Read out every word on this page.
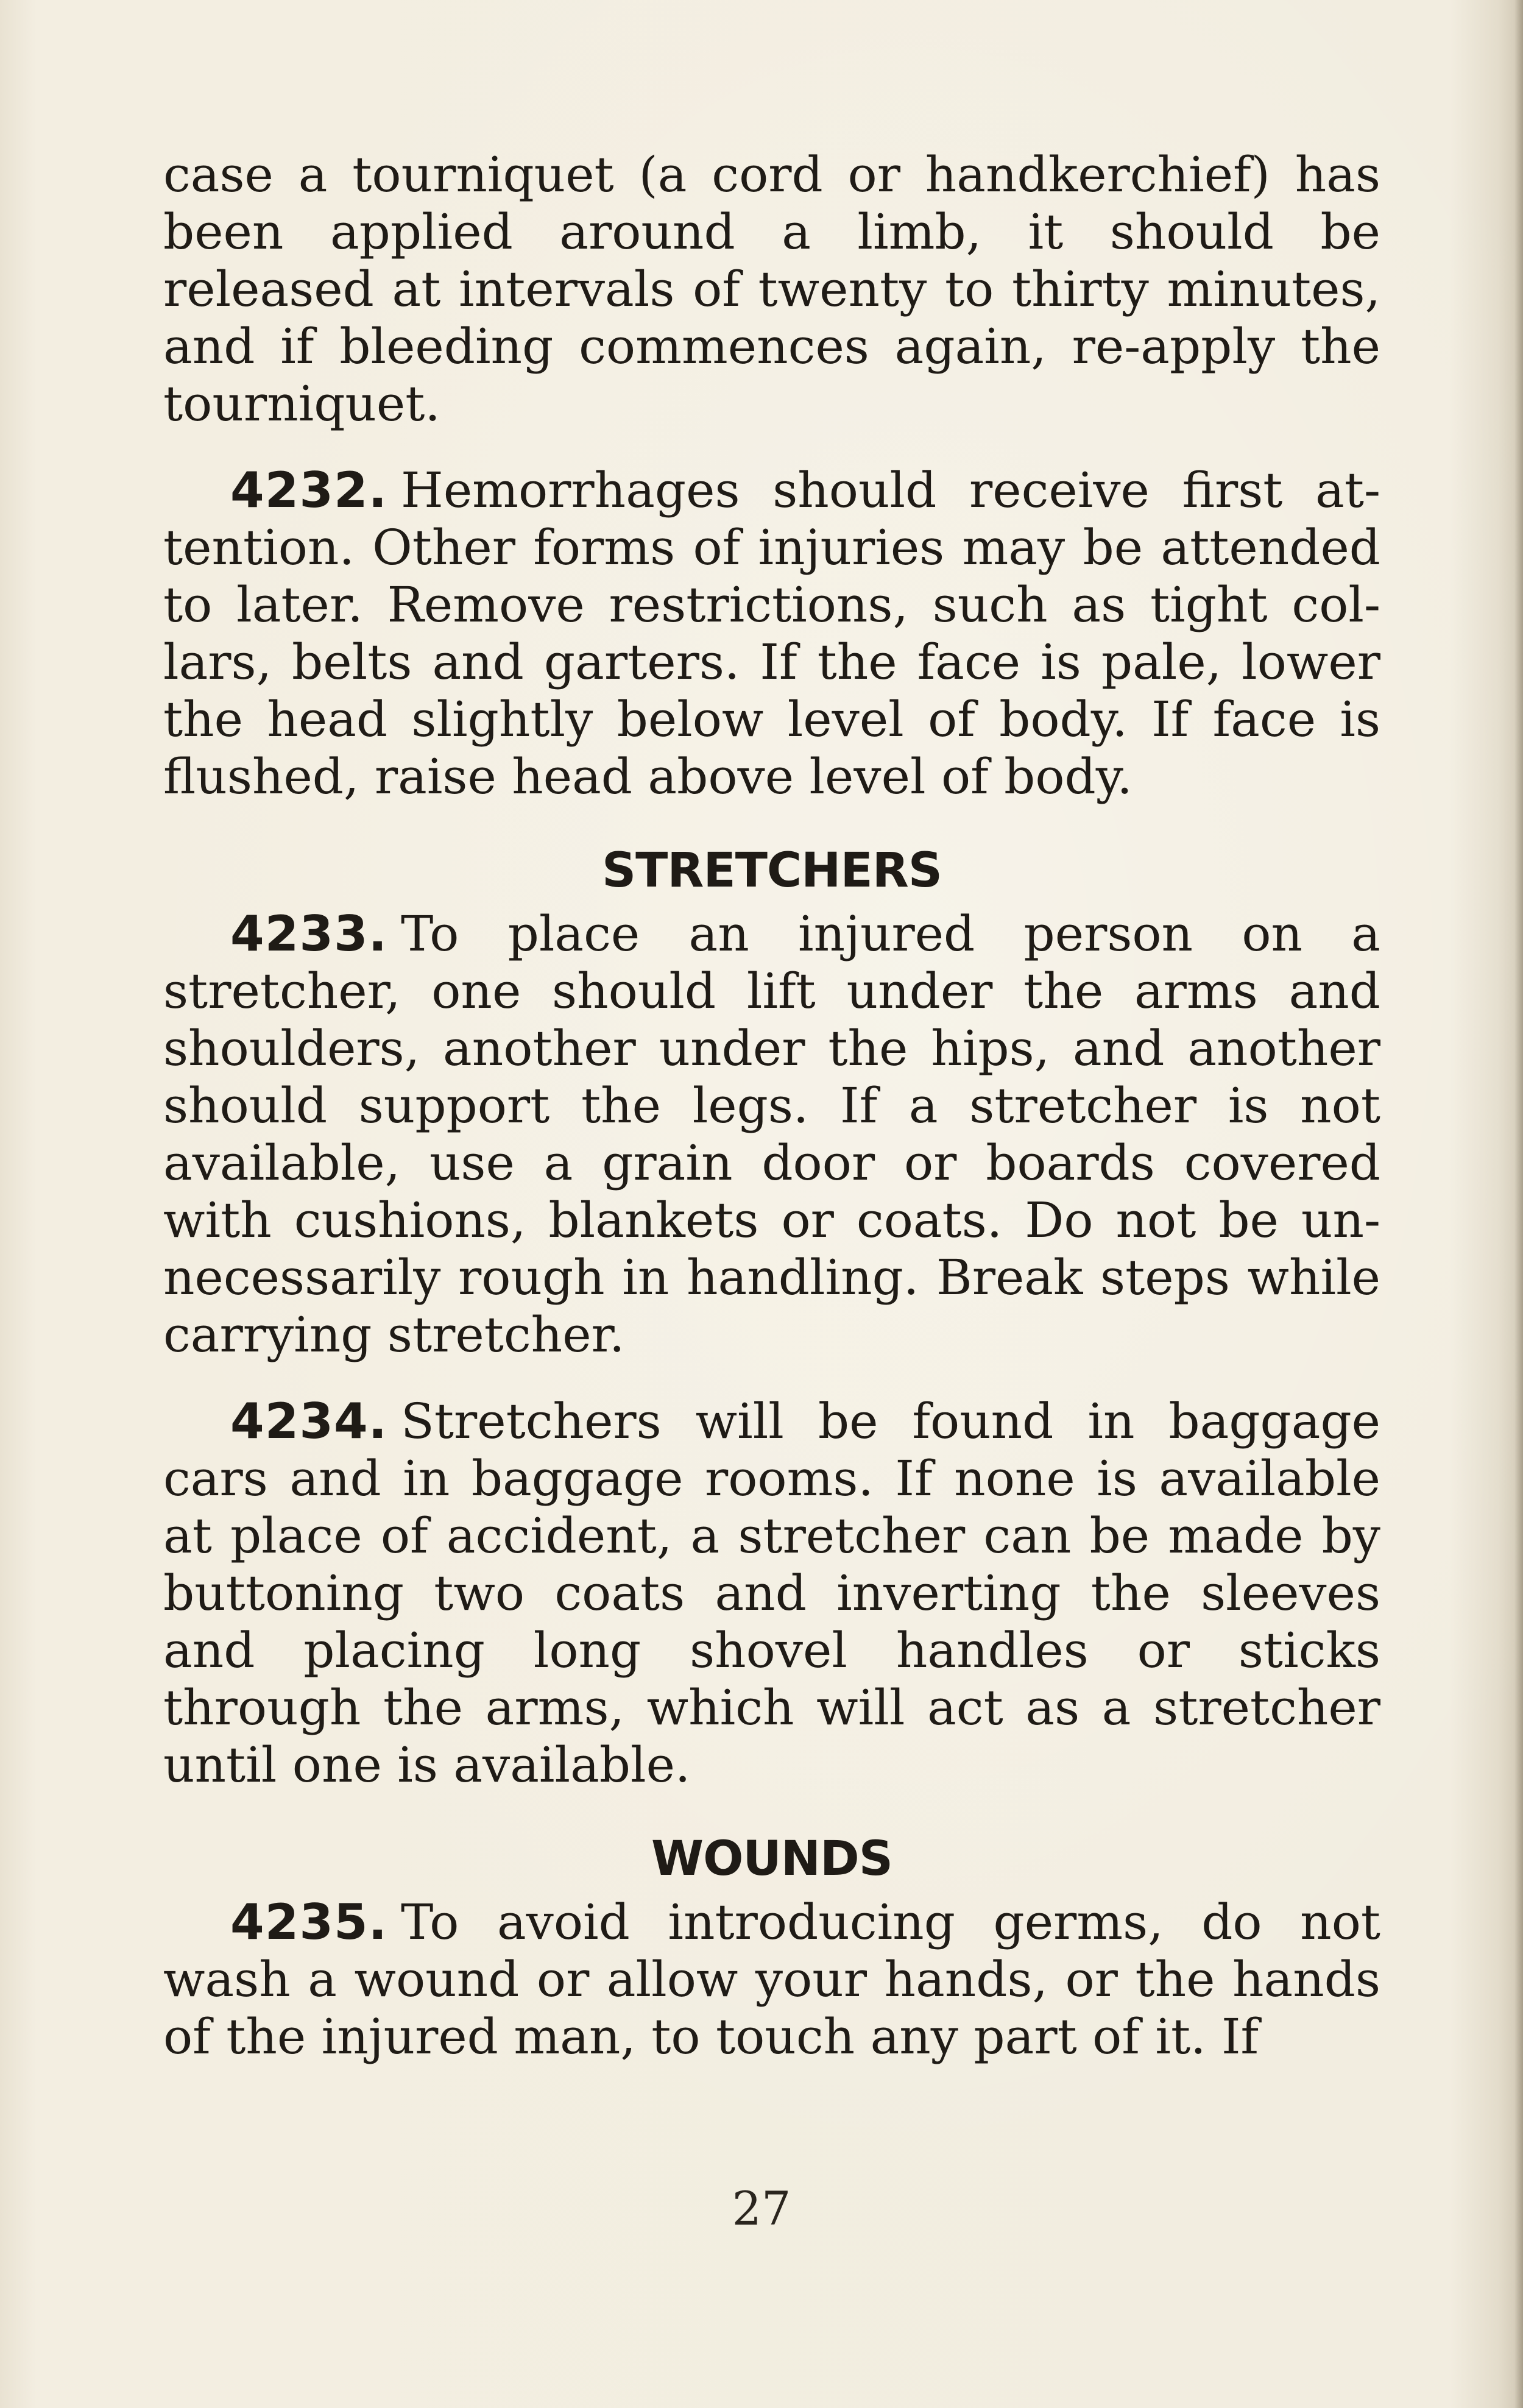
case a tourniquet (a cord or handkerchief) has been applied around a limb, it should be released at intervals of twenty to thirty minutes, and if bleeding commences again, re-apply the tourniquet.

4232. Hemorrhages should receive first attention. Other forms of injuries may be attended to later. Remove restrictions, such as tight collars, belts and garters. If the face is pale, lower the head slightly below level of body. If face is flushed, raise head above level of body.

STRETCHERS

4233. To place an injured person on a stretcher, one should lift under the arms and shoulders, another under the hips, and another should support the legs. If a stretcher is not available, use a grain door or boards covered with cushions, blankets or coats. Do not be unnecessarily rough in handling. Break steps while carrying stretcher.

4234. Stretchers will be found in baggage cars and in baggage rooms. If none is available at place of accident, a stretcher can be made by buttoning two coats and inverting the sleeves and placing long shovel handles or sticks through the arms, which will act as a stretcher until one is available.

WOUNDS

4235. To avoid introducing germs, do not wash a wound or allow your hands, or the hands of the injured man, to touch any part of it. If

27
